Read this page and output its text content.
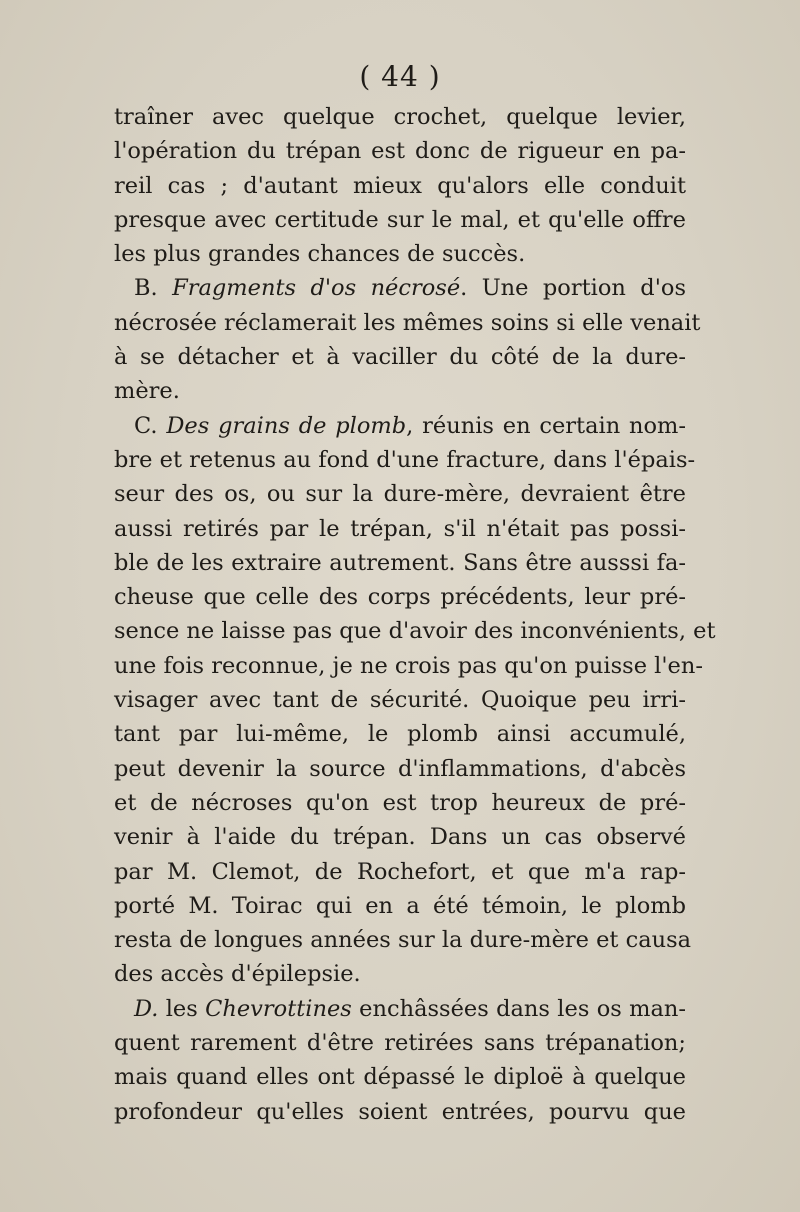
( 44 )
traîner avec quelque crochet, quelque levier,
l'opération du trépan est donc de rigueur en pa-
reil cas ; d'autant mieux qu'alors elle conduit
presque avec certitude sur le mal, et qu'elle offre
les plus grandes chances de succès.
B. Fragments d'os nécrosé. Une portion d'os
nécrosée réclamerait les mêmes soins si elle venait
à se détacher et à vaciller du côté de la dure-
mère.
C. Des grains de plomb, réunis en certain nom-
bre et retenus au fond d'une fracture, dans l'épais-
seur des os, ou sur la dure-mère, devraient être
aussi retirés par le trépan, s'il n'était pas possi-
ble de les extraire autrement. Sans être ausssi fa-
cheuse que celle des corps précédents, leur pré-
sence ne laisse pas que d'avoir des inconvénients, et
une fois reconnue, je ne crois pas qu'on puisse l'en-
visager avec tant de sécurité. Quoique peu irri-
tant par lui-même, le plomb ainsi accumulé,
peut devenir la source d'inflammations, d'abcès
et de nécroses qu'on est trop heureux de pré-
venir à l'aide du trépan. Dans un cas observé
par M. Clemot, de Rochefort, et que m'a rap-
porté M. Toirac qui en a été témoin, le plomb
resta de longues années sur la dure-mère et causa
des accès d'épilepsie.
D. les Chevrottines enchâssées dans les os man-
quent rarement d'être retirées sans trépanation;
mais quand elles ont dépassé le diploë à quelque
profondeur qu'elles soient entrées, pourvu que
